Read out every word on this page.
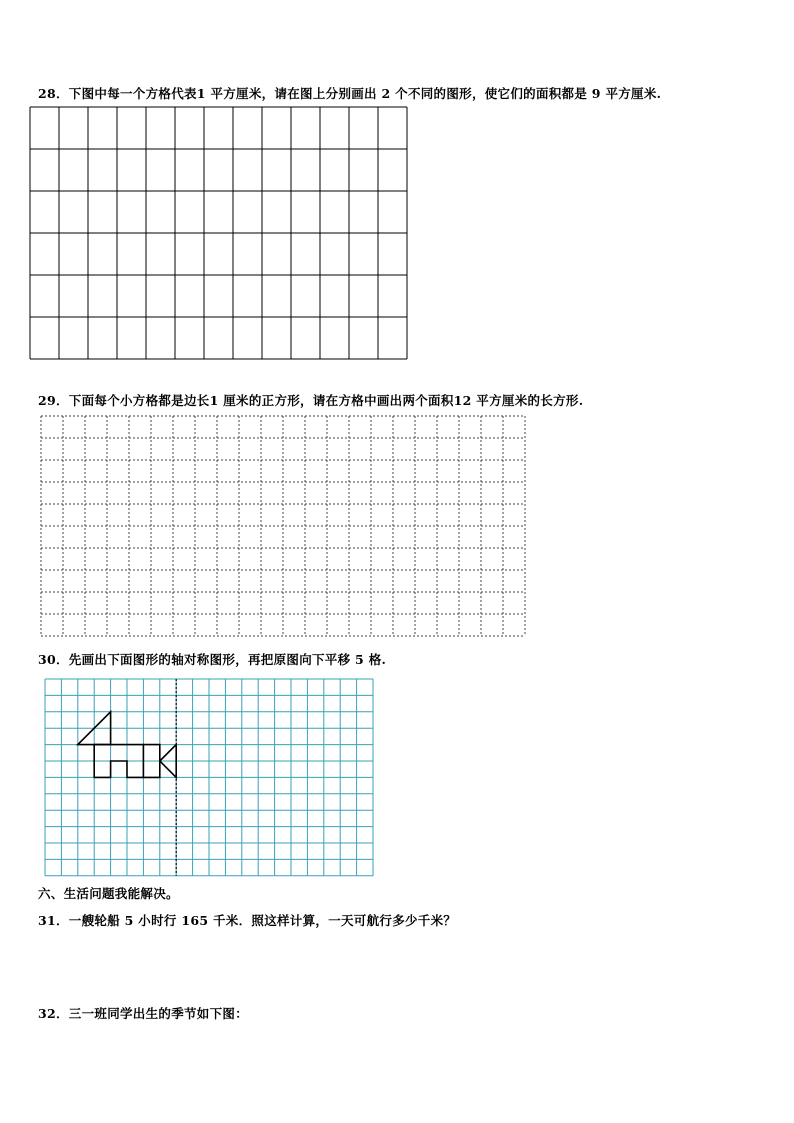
28．下图中每一个方格代表1 平方厘米，请在图上分别画出 2 个不同的图形，使它们的面积都是 9 平方厘米.
29．下面每个小方格都是边长1 厘米的正方形，请在方格中画出两个面积12 平方厘米的长方形.
30．先画出下面图形的轴对称图形，再把原图向下平移 5 格.
六、生活问题我能解决。
31．一艘轮船 5 小时行 165 千米．照这样计算，一天可航行多少千米？
32．三一班同学出生的季节如下图：
